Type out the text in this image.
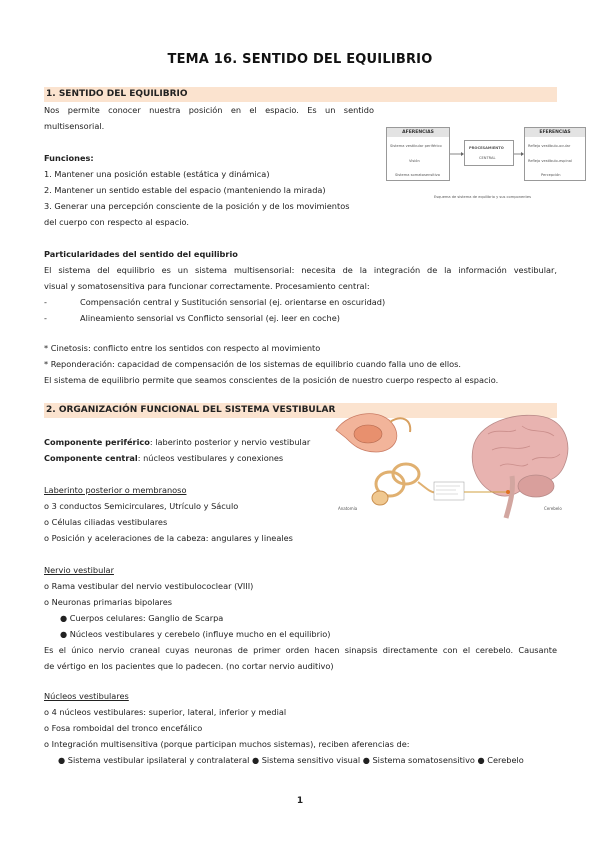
TEMA 16. SENTIDO DEL EQUILIBRIO
1. SENTIDO DEL EQUILIBRIO
Nos permite conocer nuestra posición en el espacio. Es un sentido
multisensorial.
Funciones:
1. Mantener una posición estable (estática y dinámica)
2. Mantener un sentido estable del espacio (manteniendo la mirada)
3. Generar una percepción consciente de la posición y de los movimientos
del cuerpo con respecto al espacio.
AFERENCIAS
Sistema vestibular periférico
Visión
Sistema somatosensitivo
PROCESAMIENTO
CENTRAL
EFERENCIAS
Reflejo vestíbulo-ocular
Reflejo vestíbulo-espinal
Percepción
Esquema de sistema de equilibrio y sus componentes
Particularidades del sentido del equilibrio
El sistema del equilibrio es un sistema multisensorial: necesita de la integración de la información vestibular,
visual y somatosensitiva para funcionar correctamente. Procesamiento central:
-	Compensación central y Sustitución sensorial (ej. orientarse en oscuridad)
-	Alineamiento sensorial vs Conflicto sensorial (ej. leer en coche)
* Cinetosis: conflicto entre los sentidos con respecto al movimiento
* Reponderación: capacidad de compensación de los sistemas de equilibrio cuando falla uno de ellos.
El sistema de equilibrio permite que seamos conscientes de la posición de nuestro cuerpo respecto al espacio.
2. ORGANIZACIÓN FUNCIONAL DEL SISTEMA VESTIBULAR
Componente periférico: laberinto posterior y nervio vestibular
Componente central: núcleos vestibulares y conexiones
Anatomía	Cerebelo
Laberinto posterior o membranoso
o 3 conductos Semicirculares, Utrículo y Sáculo
o Células ciliadas vestibulares
o Posición y aceleraciones de la cabeza: angulares y lineales
Nervio vestibular
o Rama vestibular del nervio vestibulococlear (VIII)
o Neuronas primarias bipolares
● Cuerpos celulares: Ganglio de Scarpa
● Núcleos vestibulares y cerebelo (influye mucho en el equilibrio)
Es el único nervio craneal cuyas neuronas de primer orden hacen sinapsis directamente con el cerebelo. Causante
de vértigo en los pacientes que lo padecen. (no cortar nervio auditivo)
Núcleos vestibulares
o 4 núcleos vestibulares: superior, lateral, inferior y medial
o Fosa romboidal del tronco encefálico
o Integración multisensitiva (porque participan muchos sistemas), reciben aferencias de:
● Sistema vestibular ipsilateral y contralateral ● Sistema sensitivo visual ● Sistema somatosensitivo ● Cerebelo
1
